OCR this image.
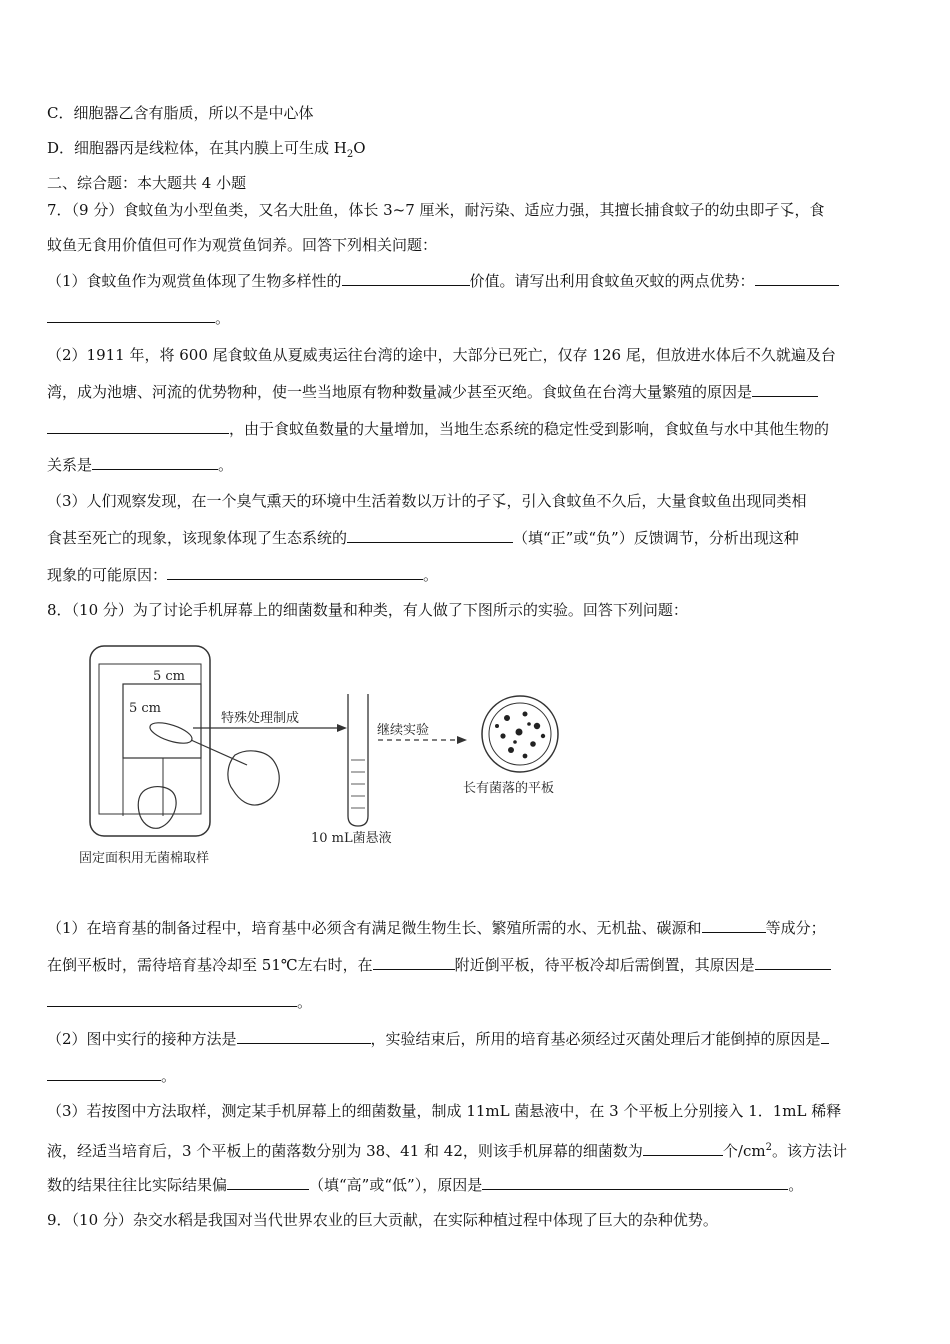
C．细胞器乙含有脂质，所以不是中心体
D．细胞器丙是线粒体，在其内膜上可生成 $H_2O$
二、综合题：本大题共 4 小题
7．（9 分）食蚊鱼为小型鱼类，又名大肚鱼，体长 3~7 厘米，耐污染、适应力强，其擅长捕食蚊子的幼虫即孑孓，食
蚊鱼无食用价值但可作为观赏鱼饲养。回答下列相关问题：
（1）食蚊鱼作为观赏鱼体现了生物多样性的	价值。请写出利用食蚊鱼灭蚊的两点优势：
。
（2）1911 年，将 600 尾食蚊鱼从夏威夷运往台湾的途中，大部分已死亡，仅存 126 尾，但放进水体后不久就遍及台
湾，成为池塘、河流的优势物种，使一些当地原有物种数量减少甚至灭绝。食蚊鱼在台湾大量繁殖的原因是
，由于食蚊鱼数量的大量增加，当地生态系统的稳定性受到影响，食蚊鱼与水中其他生物的
关系是	。
（3）人们观察发现，在一个臭气熏天的环境中生活着数以万计的孑孓，引入食蚊鱼不久后，大量食蚊鱼出现同类相
食甚至死亡的现象，该现象体现了生态系统的	（填“正”或“负”）反馈调节，分析出现这种
现象的可能原因：	。
8．（10 分）为了讨论手机屏幕上的细菌数量和种类，有人做了下图所示的实验。回答下列问题：
5 cm
5 cm
特殊处理制成
10 mL菌悬液
继续实验
长有菌落的平板
固定面积用无菌棉取样
（1）在培育基的制备过程中，培育基中必须含有满足微生物生长、繁殖所需的水、无机盐、碳源和	等成分；
在倒平板时，需待培育基冷却至 51℃左右时，在	附近倒平板，待平板冷却后需倒置，其原因是
。
（2）图中实行的接种方法是	，实验结束后，所用的培育基必须经过灭菌处理后才能倒掉的原因是
。
（3）若按图中方法取样，测定某手机屏幕上的细菌数量，制成 11mL 菌悬液中，在 3 个平板上分别接入 1．1mL 稀释
液，经适当培育后，3 个平板上的菌落数分别为 38、41 和 42，则该手机屏幕的细菌数为	个$/cm^2$。该方法计
数的结果往往比实际结果偏	（填“高”或“低”），原因是	。
9．（10 分）杂交水稻是我国对当代世界农业的巨大贡献，在实际种植过程中体现了巨大的杂种优势。
